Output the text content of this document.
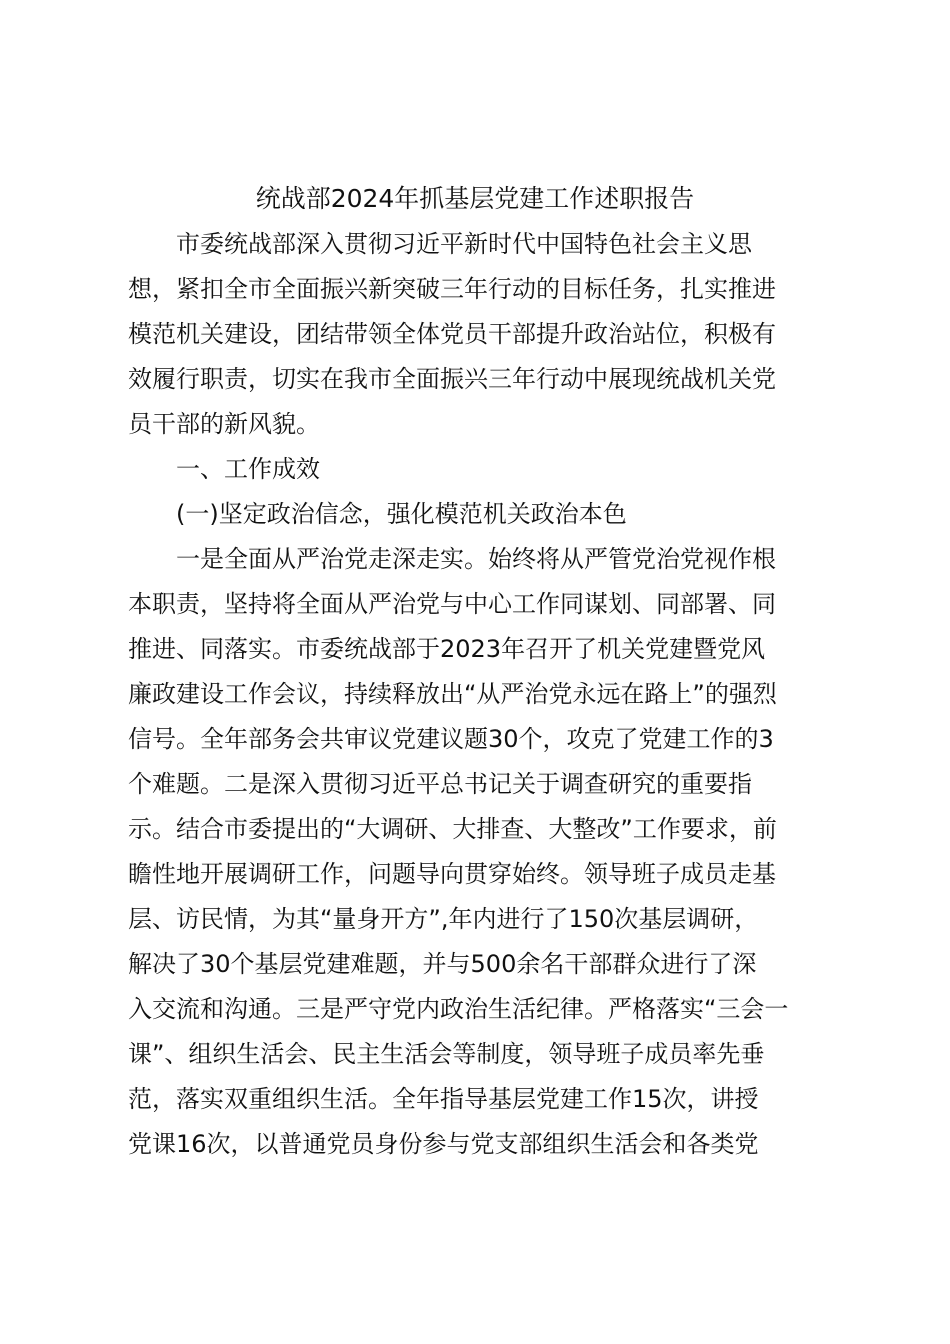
统战部2024年抓基层党建工作述职报告
市委统战部深入贯彻习近平新时代中国特色社会主义思
想，紧扣全市全面振兴新突破三年行动的目标任务，扎实推进
模范机关建设，团结带领全体党员干部提升政治站位，积极有
效履行职责，切实在我市全面振兴三年行动中展现统战机关党
员干部的新风貌。
一、工作成效
(一)坚定政治信念，强化模范机关政治本色
一是全面从严治党走深走实。始终将从严管党治党视作根
本职责，坚持将全面从严治党与中心工作同谋划、同部署、同
推进、同落实。市委统战部于2023年召开了机关党建暨党风
廉政建设工作会议，持续释放出“从严治党永远在路上”的强烈
信号。全年部务会共审议党建议题30个，攻克了党建工作的3
个难题。二是深入贯彻习近平总书记关于调查研究的重要指
示。结合市委提出的“大调研、大排查、大整改”工作要求，前
瞻性地开展调研工作，问题导向贯穿始终。领导班子成员走基
层、访民情，为其“量身开方”,年内进行了150次基层调研，
解决了30个基层党建难题，并与500余名干部群众进行了深
入交流和沟通。三是严守党内政治生活纪律。严格落实“三会一
课”、组织生活会、民主生活会等制度，领导班子成员率先垂
范，落实双重组织生活。全年指导基层党建工作15次，讲授
党课16次，以普通党员身份参与党支部组织生活会和各类党
